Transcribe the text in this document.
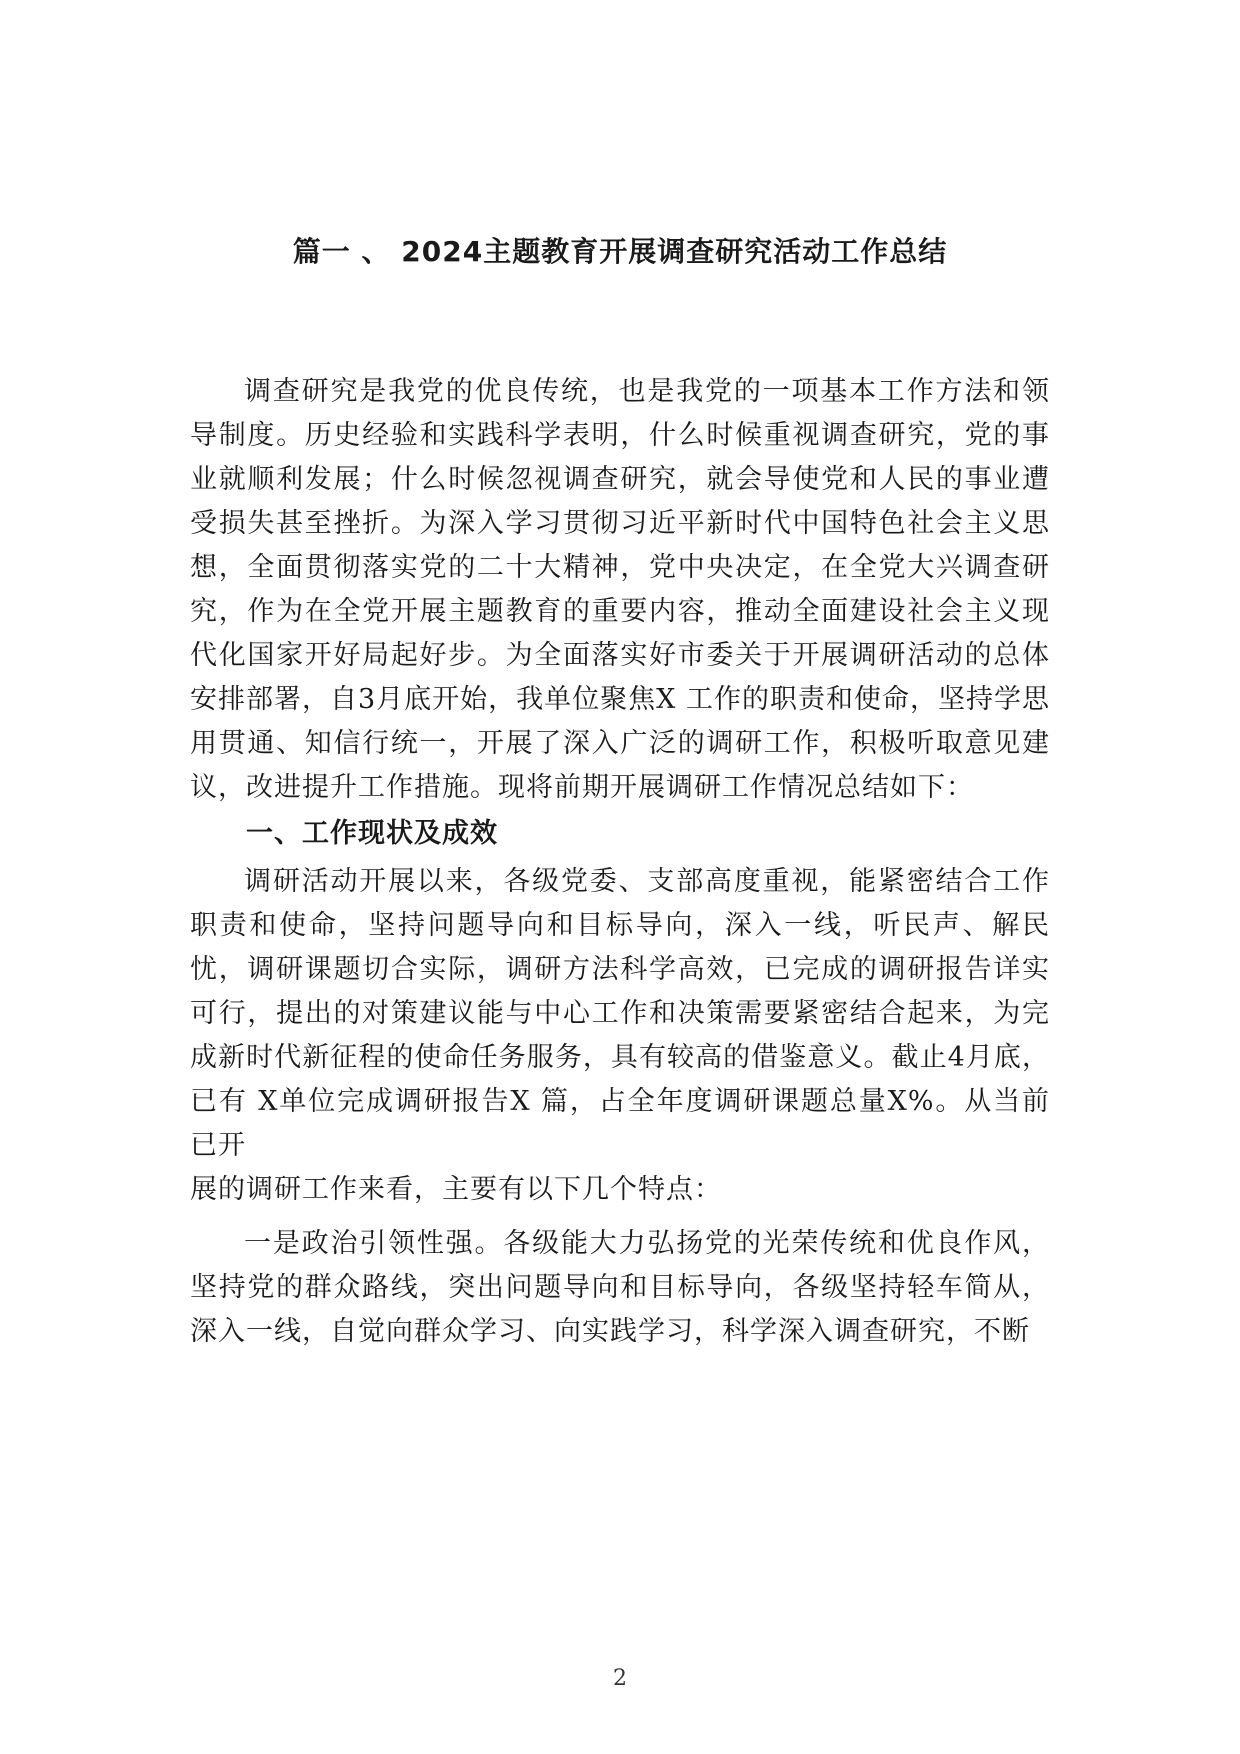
篇一 、 2024主题教育开展调查研究活动工作总结

调查研究是我党的优良传统，也是我党的一项基本工作方法和领导制度。历史经验和实践科学表明，什么时候重视调查研究，党的事业就顺利发展；什么时候忽视调查研究，就会导使党和人民的事业遭受损失甚至挫折。为深入学习贯彻习近平新时代中国特色社会主义思想，全面贯彻落实党的二十大精神，党中央决定，在全党大兴调查研究，作为在全党开展主题教育的重要内容，推动全面建设社会主义现代化国家开好局起好步。为全面落实好市委关于开展调研活动的总体安排部署，自3月底开始，我单位聚焦X 工作的职责和使命，坚持学思用贯通、知信行统一，开展了深入广泛的调研工作，积极听取意见建议，改进提升工作措施。现将前期开展调研工作情况总结如下：

一、工作现状及成效

调研活动开展以来，各级党委、支部高度重视，能紧密结合工作职责和使命，坚持问题导向和目标导向，深入一线，听民声、解民忧，调研课题切合实际，调研方法科学高效，已完成的调研报告详实可行，提出的对策建议能与中心工作和决策需要紧密结合起来，为完成新时代新征程的使命任务服务，具有较高的借鉴意义。截止4月底，已有 X单位完成调研报告X 篇，占全年度调研课题总量X%。从当前已开

展的调研工作来看，主要有以下几个特点：

一是政治引领性强。各级能大力弘扬党的光荣传统和优良作风，坚持党的群众路线，突出问题导向和目标导向，各级坚持轻车简从，深入一线，自觉向群众学习、向实践学习，科学深入调查研究，不断

2
